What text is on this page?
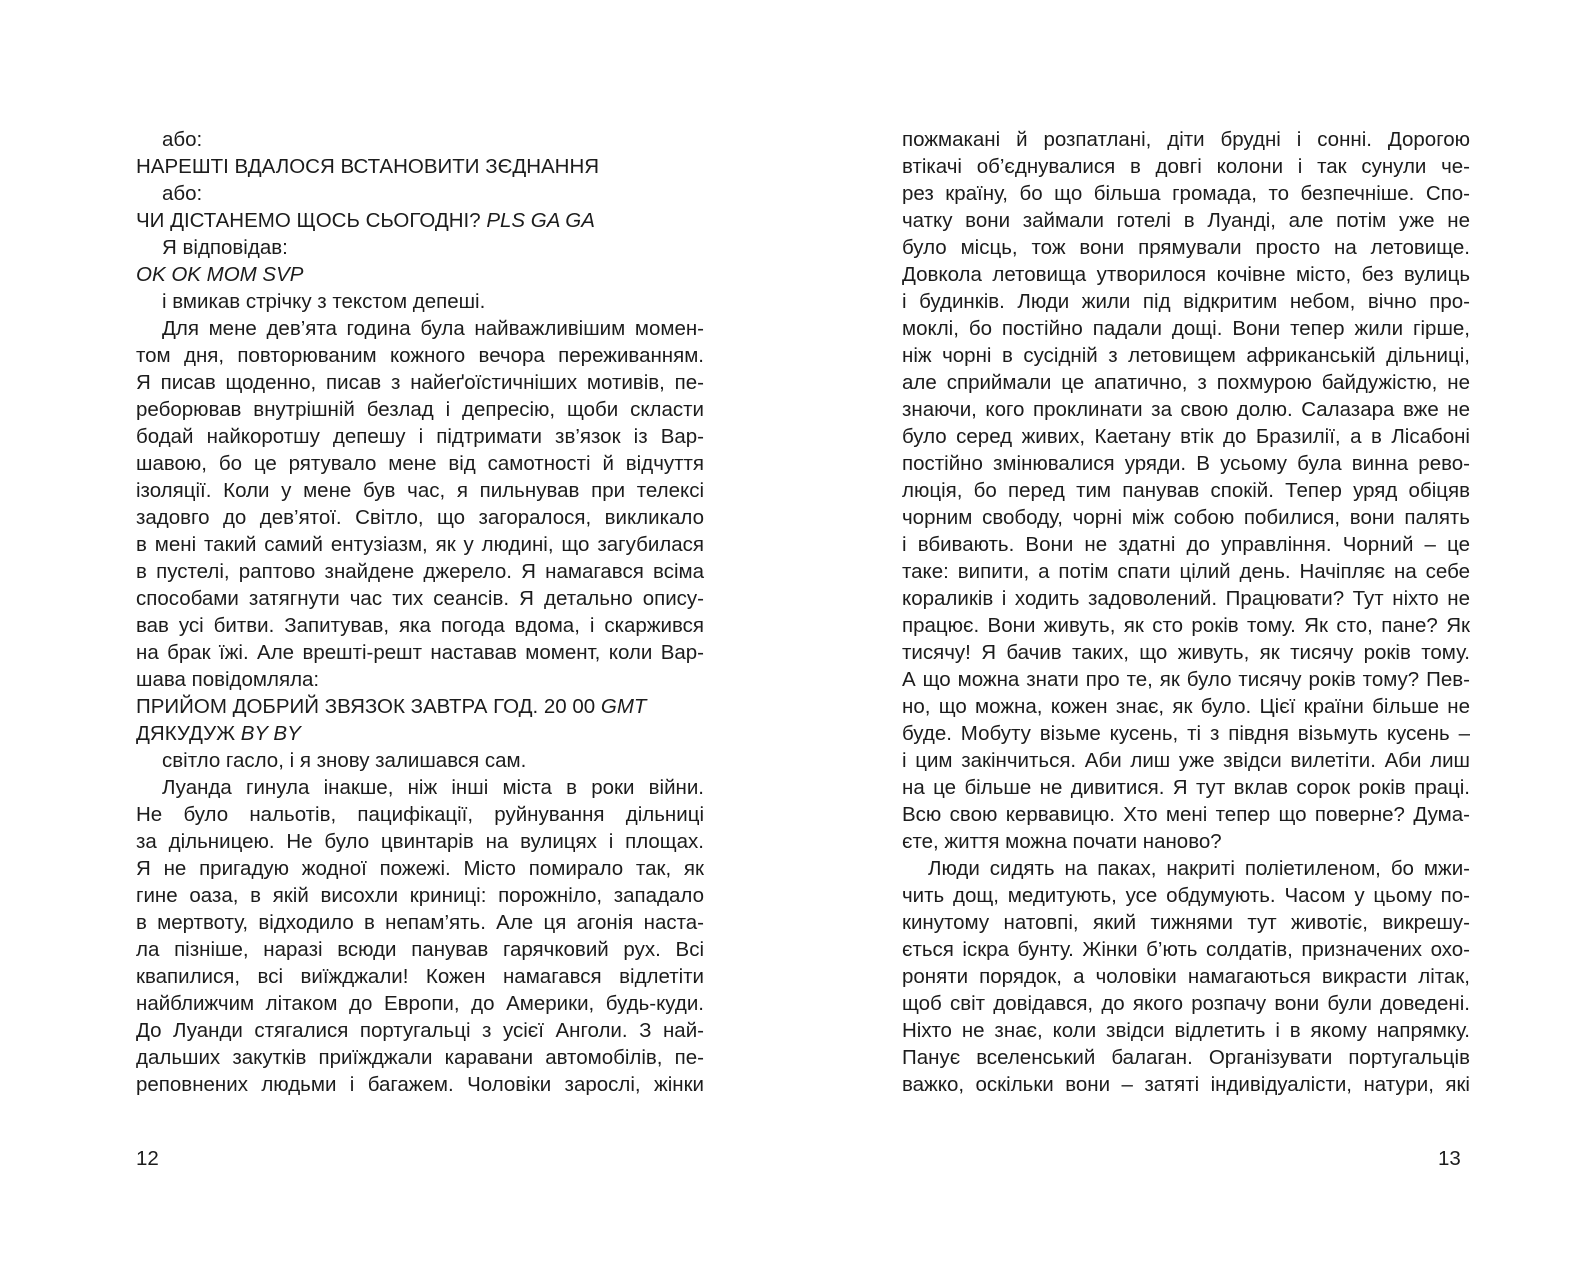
або:
НАРЕШТІ ВДАЛОСЯ ВСТАНОВИТИ ЗЄДНАННЯ
або:
ЧИ ДІСТАНЕМО ЩОСЬ СЬОГОДНІ? PLS GA GA
Я відповідав:
OK OK MOM SVP
і вмикав стрічку з текстом депеші.
Для мене дев’ята година була найважливішим момен-
том дня, повторюваним кожного вечора переживанням.
Я писав щоденно, писав з найеґоїстичніших мотивів, пе-
реборював внутрішній безлад і депресію, щоби скласти
бодай найкоротшу депешу і підтримати зв’язок із Вар-
шавою, бо це рятувало мене від самотності й відчуття
ізоляції. Коли у мене був час, я пильнував при телексі
задовго до дев’ятої. Світло, що загоралося, викликало
в мені такий самий ентузіазм, як у людині, що загубилася
в пустелі, раптово знайдене джерело. Я намагався всіма
способами затягнути час тих сеансів. Я детально опису-
вав усі битви. Запитував, яка погода вдома, і скаржився
на брак їжі. Але врешті-решт наставав момент, коли Вар-
шава повідомляла:
ПРИЙОМ ДОБРИЙ ЗВЯЗОК ЗАВТРА ГОД. 20 00 GMT
ДЯКУДУЖ BY BY
світло гасло, і я знову залишався сам.
Луанда гинула інакше, ніж інші міста в роки війни.
Не було нальотів, пацифікації, руйнування дільниці
за дільницею. Не було цвинтарів на вулицях і площах.
Я не пригадую жодної пожежі. Місто помирало так, як
гине оаза, в якій висохли криниці: порожніло, западало
в мертвоту, відходило в непам’ять. Але ця агонія наста-
ла пізніше, наразі всюди панував гарячковий рух. Всі
квапилися, всі виїжджали! Кожен намагався відлетіти
найближчим літаком до Европи, до Америки, будь-куди.
До Луанди стягалися португальці з усієї Анголи. З най-
дальших закутків приїжджали каравани автомобілів, пе-
реповнених людьми і багажем. Чоловіки зарослі, жінки
пожмакані й розпатлані, діти брудні і сонні. Дорогою
втікачі об’єднувалися в довгі колони і так сунули че-
рез країну, бо що більша громада, то безпечніше. Спо-
чатку вони займали готелі в Луанді, але потім уже не
було місць, тож вони прямували просто на летовище.
Довкола летовища утворилося кочівне місто, без вулиць
і будинків. Люди жили під відкритим небом, вічно про-
моклі, бо постійно падали дощі. Вони тепер жили гірше,
ніж чорні в сусідній з летовищем африканській дільниці,
але сприймали це апатично, з похмурою байдужістю, не
знаючи, кого проклинати за свою долю. Салазара вже не
було серед живих, Каетану втік до Бразилії, а в Лісабоні
постійно змінювалися уряди. В усьому була винна рево-
люція, бо перед тим панував спокій. Тепер уряд обіцяв
чорним свободу, чорні між собою побилися, вони палять
і вбивають. Вони не здатні до управління. Чорний – це
таке: випити, а потім спати цілий день. Начіпляє на себе
кораликів і ходить задоволений. Працювати? Тут ніхто не
працює. Вони живуть, як сто років тому. Як сто, пане? Як
тисячу! Я бачив таких, що живуть, як тисячу років тому.
А що можна знати про те, як було тисячу років тому? Пев-
но, що можна, кожен знає, як було. Цієї країни більше не
буде. Мобуту візьме кусень, ті з півдня візьмуть кусень –
і цим закінчиться. Аби лиш уже звідси вилетіти. Аби лиш
на це більше не дивитися. Я тут вклав сорок років праці.
Всю свою кервавицю. Хто мені тепер що поверне? Дума-
єте, життя можна почати наново?
Люди сидять на паках, накриті поліетиленом, бо мжи-
чить дощ, медитують, усе обдумують. Часом у цьому по-
кинутому натовпі, який тижнями тут животіє, викрешу-
ється іскра бунту. Жінки б’ють солдатів, призначених охо-
роняти порядок, а чоловіки намагаються викрасти літак,
щоб світ довідався, до якого розпачу вони були доведені.
Ніхто не знає, коли звідси відлетить і в якому напрямку.
Панує вселенський балаган. Організувати португальців
важко, оскільки вони – затяті індивідуалісти, натури, які
12	13
